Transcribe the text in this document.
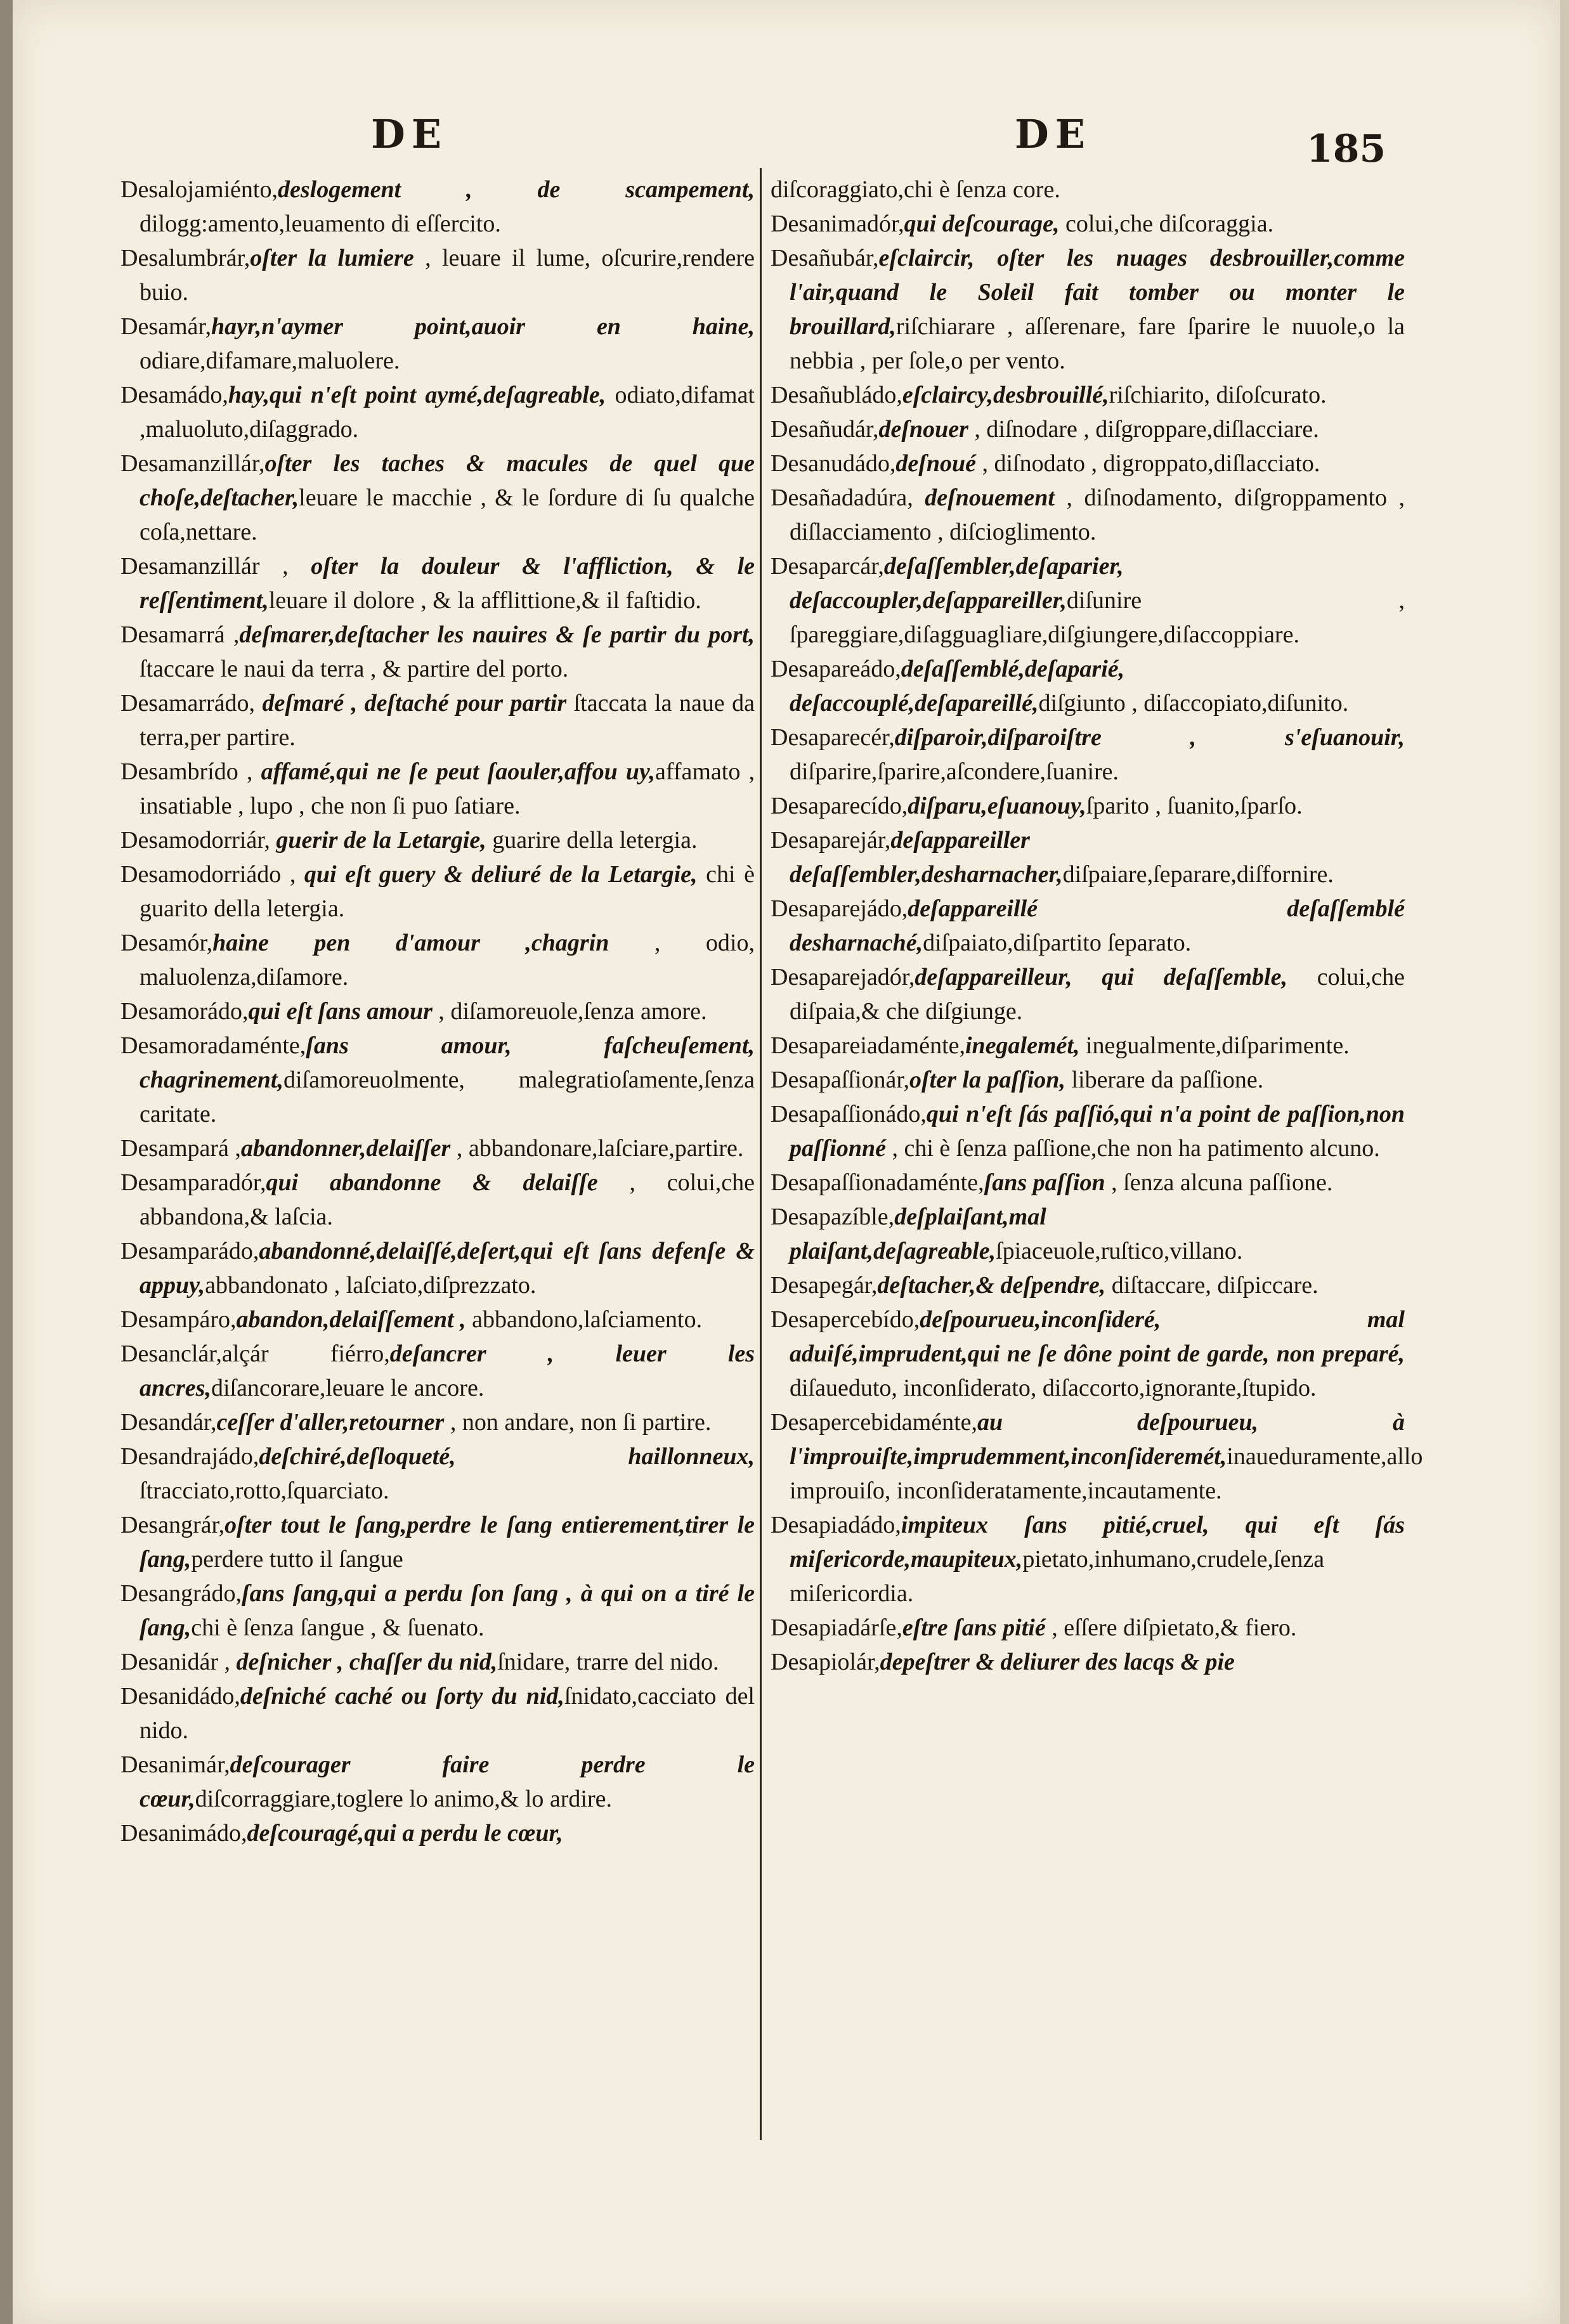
DE	DE	185

Desalojamiénto,deslogement , de scampement, dilogg:amento,leuamento di eſſercito.

Desalumbrár,oſter la lumiere , leuare il lume, oſcurire,rendere buio.

Desamár,hayr,n'aymer point,auoir en haine, odiare,difamare,maluolere.

Desamádo,hay,qui n'eſt point aymé,deſagreable, odiato,difamat ,maluoluto,diſaggrado.

Desamanzillár,oſter les taches & macules de quel que choſe,deſtacher,leuare le macchie , & le ſordure di ſu qualche coſa,nettare.

Desamanzillár , oſter la douleur & l'affliction, & le reſſentiment,leuare il dolore , & la afflittione,& il faſtidio.

Desamarrá ,deſmarer,deſtacher les nauires & ſe partir du port, ſtaccare le naui da terra , & partire del porto.

Desamarrádo, deſmaré , deſtaché pour partir ſtaccata la naue da terra,per partire.

Desambrído , affamé,qui ne ſe peut ſaouler,affou uy,affamato , insatiable , lupo , che non ſi puo ſatiare.

Desamodorriár, guerir de la Letargie, guarire della letergia.

Desamodorriádo , qui eſt guery & deliuré de la Letargie, chi è guarito della letergia.

Desamór,haine pen d'amour ,chagrin , odio, maluolenza,diſamore.

Desamorádo,qui eſt ſans amour , diſamoreuole,ſenza amore.

Desamoradaménte,ſans amour, faſcheuſement, chagrinement,diſamoreuolmente, malegratioſamente,ſenza caritate.

Desampará ,abandonner,delaiſſer , abbandonare,laſciare,partire.

Desamparadór,qui abandonne & delaiſſe , colui,che abbandona,& laſcia.

Desamparádo,abandonné,delaiſſé,deſert,qui eſt ſans defenſe & appuy,abbandonato , laſciato,diſprezzato.

Desampáro,abandon,delaiſſement , abbandono,laſciamento.

Desanclár,alçár fiérro,deſancrer , leuer les ancres,diſancorare,leuare le ancore.

Desandár,ceſſer d'aller,retourner , non andare, non ſi partire.

Desandrajádo,deſchiré,deſloqueté, haillonneux, ſtracciato,rotto,ſquarciato.

Desangrár,oſter tout le ſang,perdre le ſang entierement,tirer le ſang,perdere tutto il ſangue

Desangrádo,ſans ſang,qui a perdu ſon ſang , à qui on a tiré le ſang,chi è ſenza ſangue , & ſuenato.

Desanidár , deſnicher , chaſſer du nid,ſnidare, trarre del nido.

Desanidádo,deſniché caché ou ſorty du nid,ſnidato,cacciato del nido.

Desanimár,deſcourager faire perdre le cœur,diſcorraggiare,toglere lo animo,& lo ardire.

Desanimádo,deſcouragé,qui a perdu le cœur,

diſcoraggiato,chi è ſenza core.

Desanimadór,qui deſcourage, colui,che diſcoraggia.

Desañubár,eſclaircir, oſter les nuages desbrouiller,comme l'air,quand le Soleil fait tomber ou monter le brouillard,riſchiarare , aſſerenare, fare ſparire le nuuole,o la nebbia , per ſole,o per vento.

Desañubládo,eſclaircy,desbrouillé,riſchiarito, diſoſcurato.

Desañudár,deſnouer , diſnodare , diſgroppare,diſlacciare.

Desanudádo,deſnoué , diſnodato , digroppato,diſlacciato.

Desañadadúra, deſnouement , diſnodamento, diſgroppamento , diſlacciamento , diſcioglimento.

Desaparcár,deſaſſembler,deſaparier, deſaccoupler,deſappareiller,diſunire , ſpareggiare,diſagguagliare,diſgiungere,diſaccoppiare.

Desapareádo,deſaſſemblé,deſaparié, deſaccouplé,deſapareillé,diſgiunto , diſaccopiato,diſunito.

Desaparecér,diſparoir,diſparoiſtre , s'eſuanouir, diſparire,ſparire,aſcondere,ſuanire.

Desaparecído,diſparu,eſuanouy,ſparito , ſuanito,ſparſo.

Desaparejár,deſappareiller deſaſſembler,desharnacher,diſpaiare,ſeparare,diſfornire.

Desaparejádo,deſappareillé deſaſſemblé desharnaché,diſpaiato,diſpartito ſeparato.

Desaparejadór,deſappareilleur, qui deſaſſemble, colui,che diſpaia,& che diſgiunge.

Desapareiadaménte,inegalemét, inegualmente,diſparimente.

Desapaſſionár,oſter la paſſion, liberare da paſſione.

Desapaſſionádo,qui n'eſt ſás paſſió,qui n'a point de paſſion,non paſſionné , chi è ſenza paſſione,che non ha patimento alcuno.

Desapaſſionadaménte,ſans paſſion , ſenza alcuna paſſione.

Desapazíble,deſplaiſant,mal plaiſant,deſagreable,ſpiaceuole,ruſtico,villano.

Desapegár,deſtacher,& deſpendre, diſtaccare, diſpiccare.

Desapercebído,deſpourueu,inconſideré, mal aduiſé,imprudent,qui ne ſe dône point de garde, non preparé, diſaueduto, inconſiderato, diſaccorto,ignorante,ſtupido.

Desapercebidaménte,au deſpourueu, à l'improuiſte,imprudemment,inconſideremét,inaueduramente,allo improuiſo, inconſideratamente,incautamente.

Desapiadádo,impiteux ſans pitié,cruel, qui eſt ſás miſericorde,maupiteux,pietato,inhumano,crudele,ſenza miſericordia.

Desapiadárſe,eſtre ſans pitié , eſſere diſpietato,& fiero.

Desapiolár,depeſtrer & deliurer des lacqs & pie
